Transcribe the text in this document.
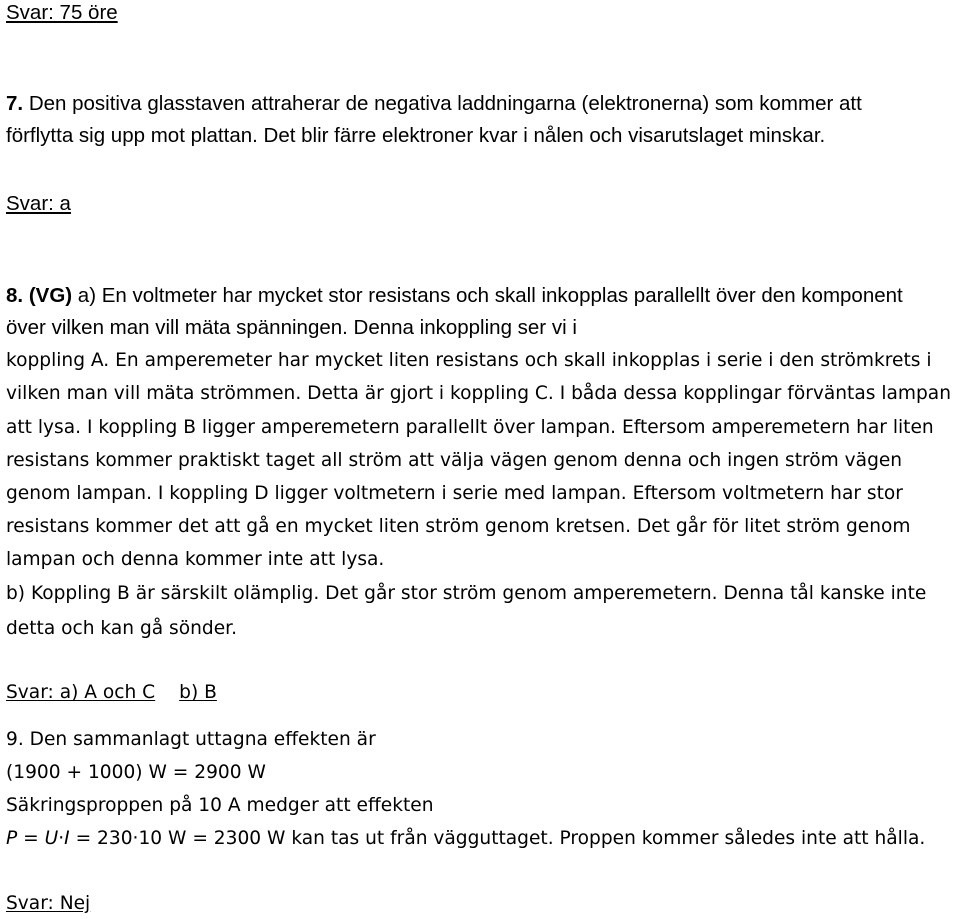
Svar: 75 öre
7. Den positiva glasstaven attraherar de negativa laddningarna (elektronerna) som kommer att
förflytta sig upp mot plattan. Det blir färre elektroner kvar i nålen och visarutslaget minskar.
Svar: a
8. (VG) a) En voltmeter har mycket stor resistans och skall inkopplas parallellt över den komponent
över vilken man vill mäta spänningen. Denna inkoppling ser vi i
koppling A. En amperemeter har mycket liten resistans och skall inkopplas i serie i den strömkrets i
vilken man vill mäta strömmen. Detta är gjort i koppling C. I båda dessa kopplingar förväntas lampan
att lysa. I koppling B ligger amperemetern parallellt över lampan. Eftersom amperemetern har liten
resistans kommer praktiskt taget all ström att välja vägen genom denna och ingen ström vägen
genom lampan. I koppling D ligger voltmetern i serie med lampan. Eftersom voltmetern har stor
resistans kommer det att gå en mycket liten ström genom kretsen. Det går för litet ström genom
lampan och denna kommer inte att lysa.
b) Koppling B är särskilt olämplig. Det går stor ström genom amperemetern. Denna tål kanske inte
detta och kan gå sönder.
Svar: a) A och C b) B
9. Den sammanlagt uttagna effekten är
(1900 + 1000) W = 2900 W
Säkringsproppen på 10 A medger att effekten
P = U·I = 230·10 W = 2300 W kan tas ut från vägguttaget. Proppen kommer således inte att hålla.
Svar: Nej
